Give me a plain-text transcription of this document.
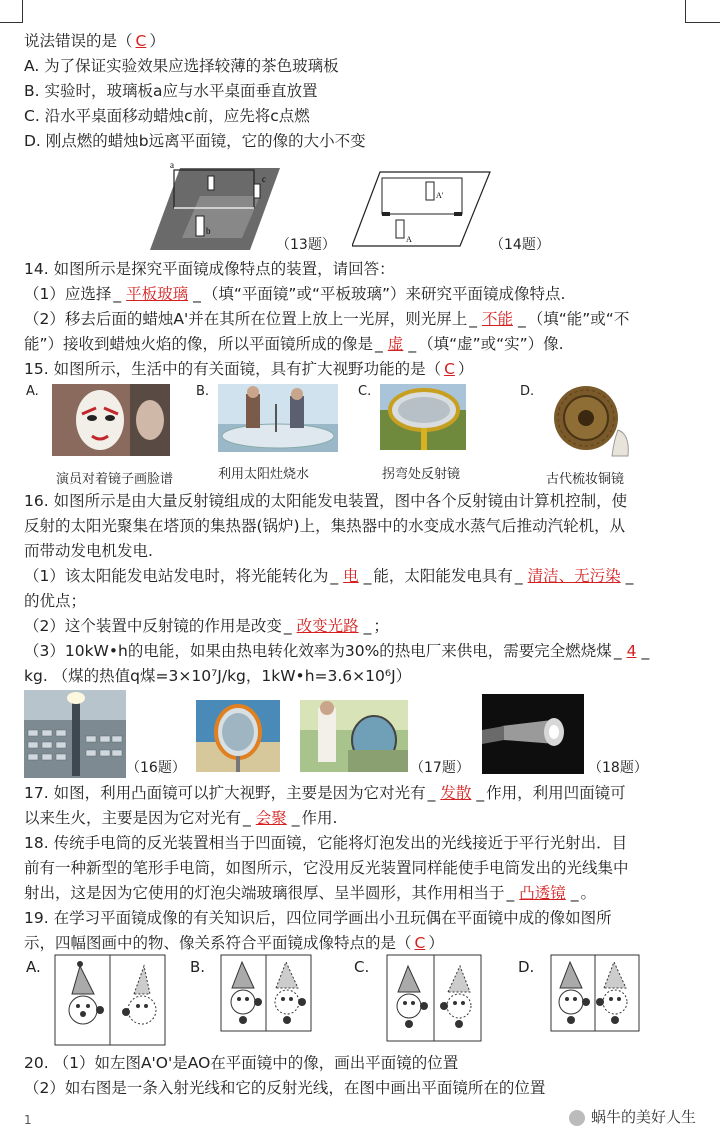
说法错误的是（ C ）
A. 为了保证实验效果应选择较薄的茶色玻璃板
B. 实验时，玻璃板a应与水平桌面垂直放置
C. 沿水平桌面移动蜡烛c前，应先将c点燃
D. 刚点燃的蜡烛b远离平面镜，它的像的大小不变
a
b
c
（13题）
A'
A	（14题）
14. 如图所示是探究平面镜成像特点的装置，请回答：
（1）应选择 _ 平板玻璃 _ （填“平面镜”或“平板玻璃”）来研究平面镜成像特点.
（2）移去后面的蜡烛A'并在其所在位置上放上一光屏，则光屏上 _ 不能 _ （填“能”或“不
能”）接收到蜡烛火焰的像，所以平面镜所成的像是 _ 虚 _ （填“虚”或“实”）像.
15. 如图所示，生活中的有关面镜，具有扩大视野功能的是（ C ）
A.	B.	C.	D.
演员对着镜子画脸谱	利用太阳灶烧水	拐弯处反射镜	古代梳妆铜镜
16. 如图所示是由大量反射镜组成的太阳能发电装置，图中各个反射镜由计算机控制，使
反射的太阳光聚集在塔顶的集热器(锅炉)上，集热器中的水变成水蒸气后推动汽轮机，从
而带动发电机发电.
（1）该太阳能发电站发电时，将光能转化为 _ 电 _ 能，太阳能发电具有 _ 清洁、无污染 _
的优点；
（2）这个装置中反射镜的作用是改变 _ 改变光路 _ ；
（3）10kW•h的电能，如果由热电转化效率为30%的热电厂来供电，需要完全燃烧煤 _ 4 _
kg. （煤的热值q煤=3×10⁷J/kg，1kW•h=3.6×10⁶J）
（16题）	（17题）	（18题）
17. 如图，利用凸面镜可以扩大视野，主要是因为它对光有 _ 发散 _ 作用，利用凹面镜可
以来生火，主要是因为它对光有 _ 会聚 _ 作用.
18. 传统手电筒的反光装置相当于凹面镜，它能将灯泡发出的光线接近于平行光射出．目
前有一种新型的笔形手电筒，如图所示，它没用反光装置同样能使手电筒发出的光线集中
射出，这是因为它使用的灯泡尖端玻璃很厚、呈半圆形，其作用相当于 _ 凸透镜 _ 。
19. 在学习平面镜成像的有关知识后，四位同学画出小丑玩偶在平面镜中成的像如图所
示，四幅图画中的物、像关系符合平面镜成像特点的是（ C ）
A.	B.	C.	D.
20. （1）如左图A'O'是AO在平面镜中的像，画出平面镜的位置
（2）如右图是一条入射光线和它的反射光线，在图中画出平面镜所在的位置
1	蜗牛的美好人生
